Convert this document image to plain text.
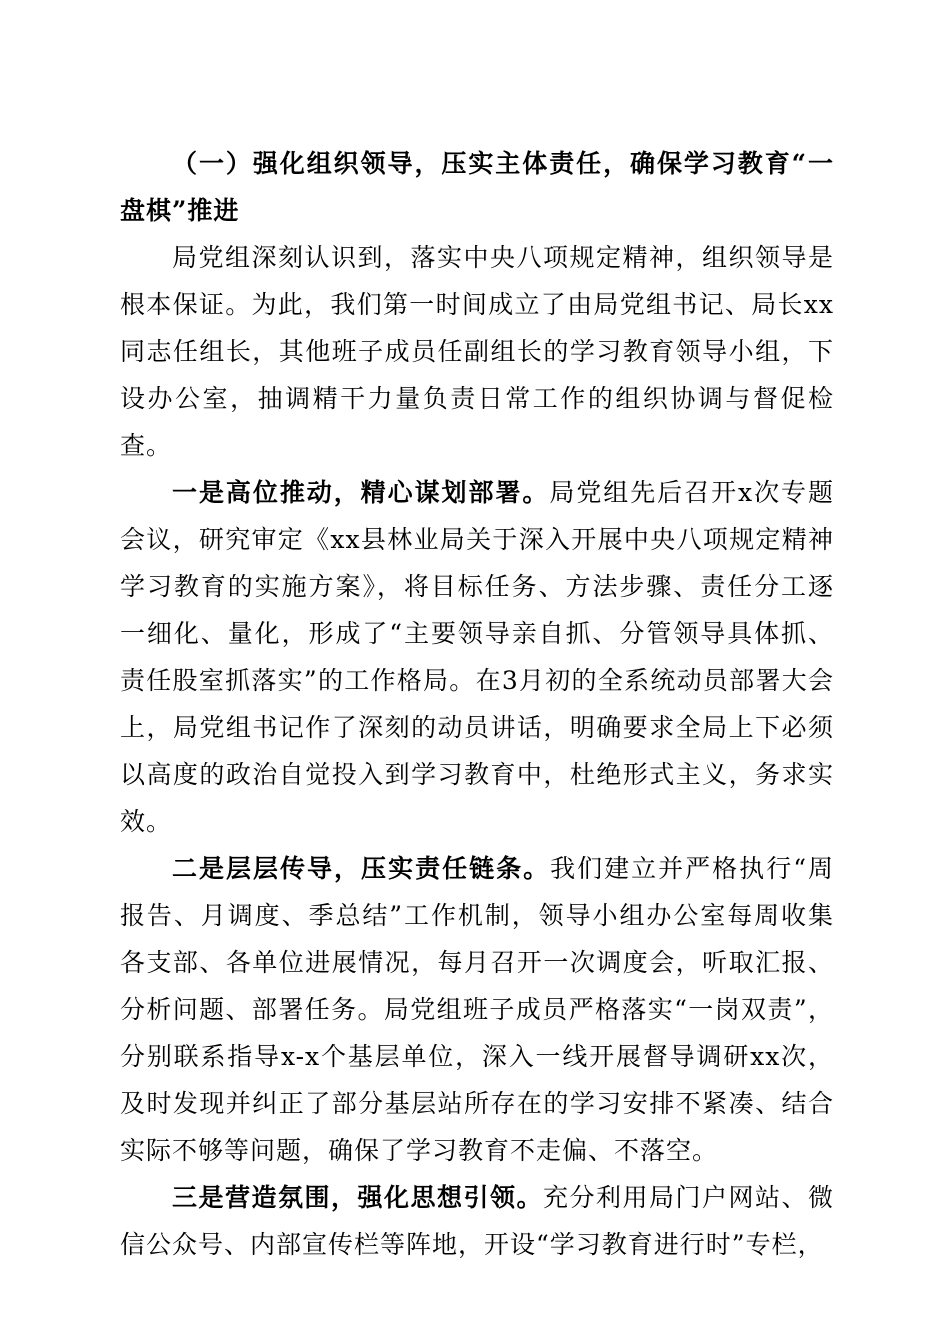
（一）强化组织领导，压实主体责任，确保学习教育“一盘棋”推进

局党组深刻认识到，落实中央八项规定精神，组织领导是根本保证。为此，我们第一时间成立了由局党组书记、局长xx同志任组长，其他班子成员任副组长的学习教育领导小组，下设办公室，抽调精干力量负责日常工作的组织协调与督促检查。

一是高位推动，精心谋划部署。局党组先后召开x次专题会议，研究审定《xx县林业局关于深入开展中央八项规定精神学习教育的实施方案》，将目标任务、方法步骤、责任分工逐一细化、量化，形成了“主要领导亲自抓、分管领导具体抓、责任股室抓落实”的工作格局。在3月初的全系统动员部署大会上，局党组书记作了深刻的动员讲话，明确要求全局上下必须以高度的政治自觉投入到学习教育中，杜绝形式主义，务求实效。

二是层层传导，压实责任链条。我们建立并严格执行“周报告、月调度、季总结”工作机制，领导小组办公室每周收集各支部、各单位进展情况，每月召开一次调度会，听取汇报、分析问题、部署任务。局党组班子成员严格落实“一岗双责”，分别联系指导x-x个基层单位，深入一线开展督导调研xx次，及时发现并纠正了部分基层站所存在的学习安排不紧凑、结合实际不够等问题，确保了学习教育不走偏、不落空。

三是营造氛围，强化思想引领。充分利用局门户网站、微信公众号、内部宣传栏等阵地，开设“学习教育进行时”专栏，
